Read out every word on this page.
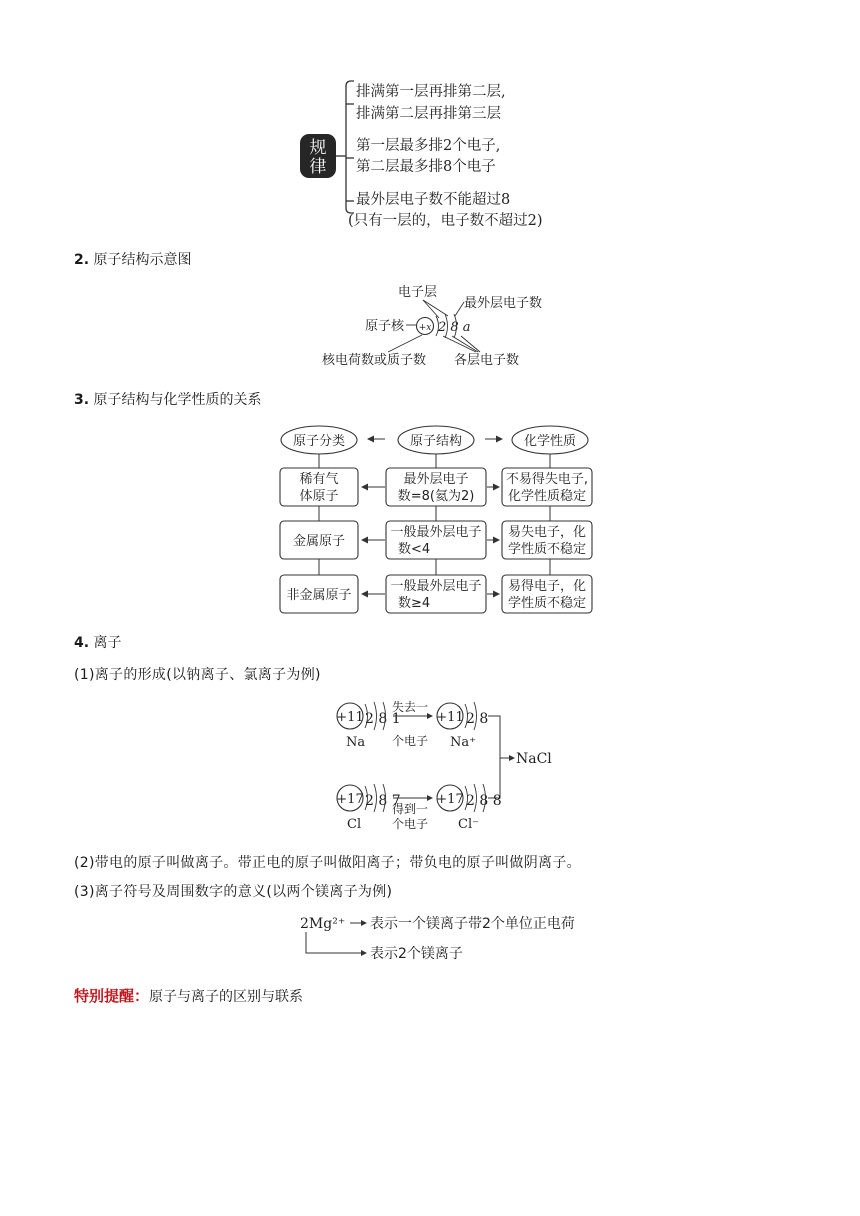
规
律
排满第一层再排第二层,
排满第二层再排第三层
第一层最多排2个电子,
第二层最多排8个电子
最外层电子数不能超过8
(只有一层的，电子数不超过2)
2. 原子结构示意图
电子层
最外层电子数
原子核
核电荷数或质子数 各层电子数
+x 2 8 a
3. 原子结构与化学性质的关系
原子分类	原子结构	化学性质
稀有气
体原子
最外层电子
数=8(氦为2)
不易得失电子,
化学性质稳定
金属原子
一般最外层电子
数<4
易失电子，化
学性质不稳定
非金属原子
一般最外层电子
数≥4
易得电子，化
学性质不稳定
4. 离子
(1)离子的形成(以钠离子、氯离子为例)
+11 2 8 1
Na
失去一
个电子
+11 2 8
Na⁺
NaCl
+17 2 8 7
Cl
得到一
个电子
+17 2 8 8
Cl⁻
(2)带电的原子叫做离子。带正电的原子叫做阳离子；带负电的原子叫做阴离子。
(3)离子符号及周围数字的意义(以两个镁离子为例)
2Mg²⁺ 表示一个镁离子带2个单位正电荷
表示2个镁离子
特别提醒：原子与离子的区别与联系
